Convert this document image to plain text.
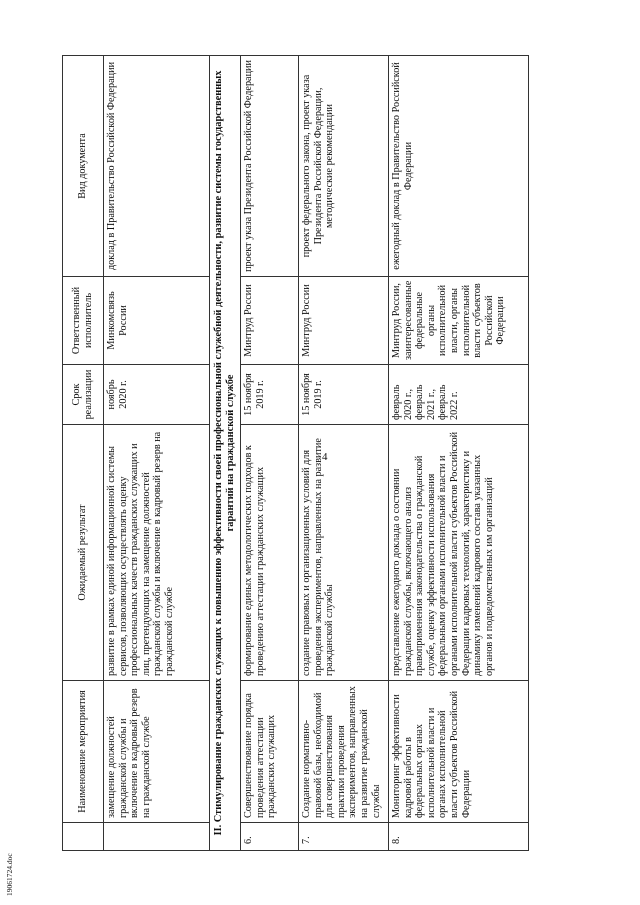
4
	Наименование мероприятия	Ожидаемый результат	Срок реализации	Ответственный исполнитель	Вид документа
	замещение должностей гражданской службы и включение в кадровый резерв на гражданской службе	развитие в рамках единой информационной системы сервисов, позволяющих осуществлять оценку профессиональных качеств гражданских служащих и лиц, претендующих на замещение должностей гражданской службы и включение в кадровый резерв на гражданской службе	ноябрь 2020 г.	Минкомсвязь России	доклад в Правительство Российской Федерации
II. Стимулирование гражданских служащих к повышению эффективности своей профессиональной служебной деятельности, развитие системы государственных гарантий на гражданской службе					
6.	Совершенствование порядка проведения аттестации гражданских служащих	формирование единых методологических подходов к проведению аттестации гражданских служащих	15 ноября 2019 г.	Минтруд России	проект указа Президента Российской Федерации
7.	Создание нормативно-правовой базы, необходимой для совершенствования практики проведения экспериментов, направленных на развитие гражданской службы	создание правовых и организационных условий для проведения экспериментов, направленных на развитие гражданской службы	15 ноября 2019 г.	Минтруд России	проект федерального закона, проект указа Президента Российской Федерации, методические рекомендации
8.	Мониторинг эффективности кадровой работы в федеральных органах исполнительной власти и органах исполнительной власти субъектов Российской Федерации	представление ежегодного доклада о состоянии гражданской службы, включающего анализ правоприменения законодательства о гражданской службе, оценку эффективности использования федеральными органами исполнительной власти и органами исполнительной власти субъектов Российской Федерации кадровых технологий, характеристику и динамику изменений кадрового состава указанных органов и подведомственных им организаций	февраль 2020 г., февраль 2021 г., февраль 2022 г.	Минтруд России, заинтересованные федеральные органы исполнительной власти, органы исполнительной власти субъектов Российской Федерации	ежегодный доклад в Правительство Российской Федерации
19061724.doc
